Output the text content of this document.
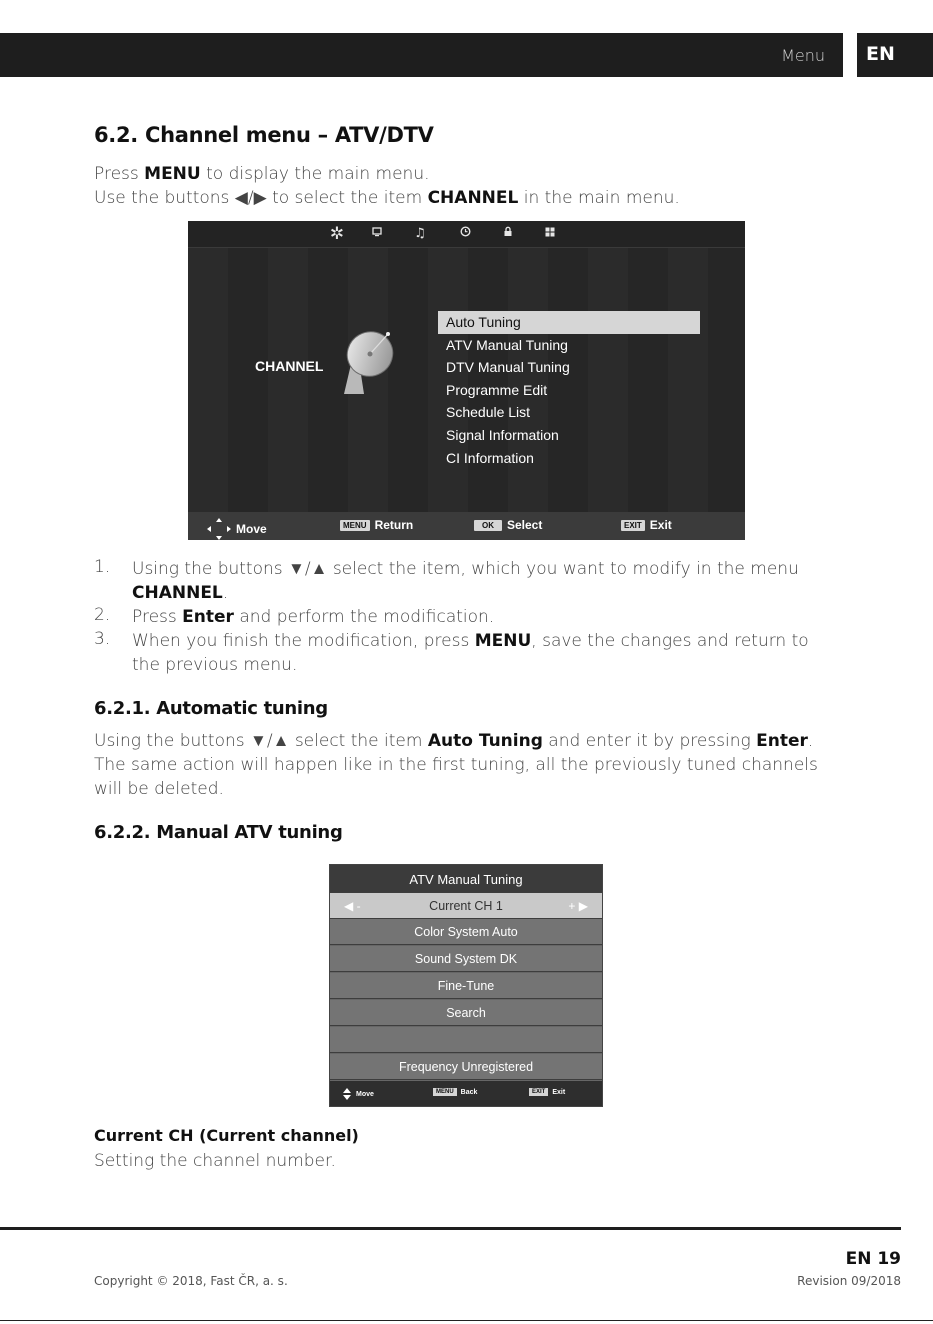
Menu EN
6.2. Channel menu – ATV/DTV
Press MENU to display the main menu.
Use the buttons ◀/▶ to select the item CHANNEL in the main menu.
✲	♫
CHANNEL
Auto Tuning
ATV Manual Tuning
DTV Manual Tuning
Programme Edit
Schedule List
Signal Information
CI Information
Move	MENU Return	OK	Select	EXIT Exit
1. Using the buttons ▼/▲ select the item, which you want to modify in the menu CHANNEL.
2. Press Enter and perform the modification.
3. When you finish the modification, press MENU, save the changes and return to the previous menu.
6.2.1. Automatic tuning
Using the buttons ▼/▲ select the item Auto Tuning and enter it by pressing Enter. The same action will happen like in the first tuning, all the previously tuned channels will be deleted.
6.2.2. Manual ATV tuning
ATV Manual Tuning
◀ -	Current CH 1	+ ▶
Color System Auto
Sound System DK
Fine-Tune
Search
Frequency Unregistered
Move	MENU	Back	EXIT	Exit
Current CH (Current channel)
Setting the channel number.
EN 19
Copyright © 2018, Fast ČR, a. s.	Revision 09/2018
